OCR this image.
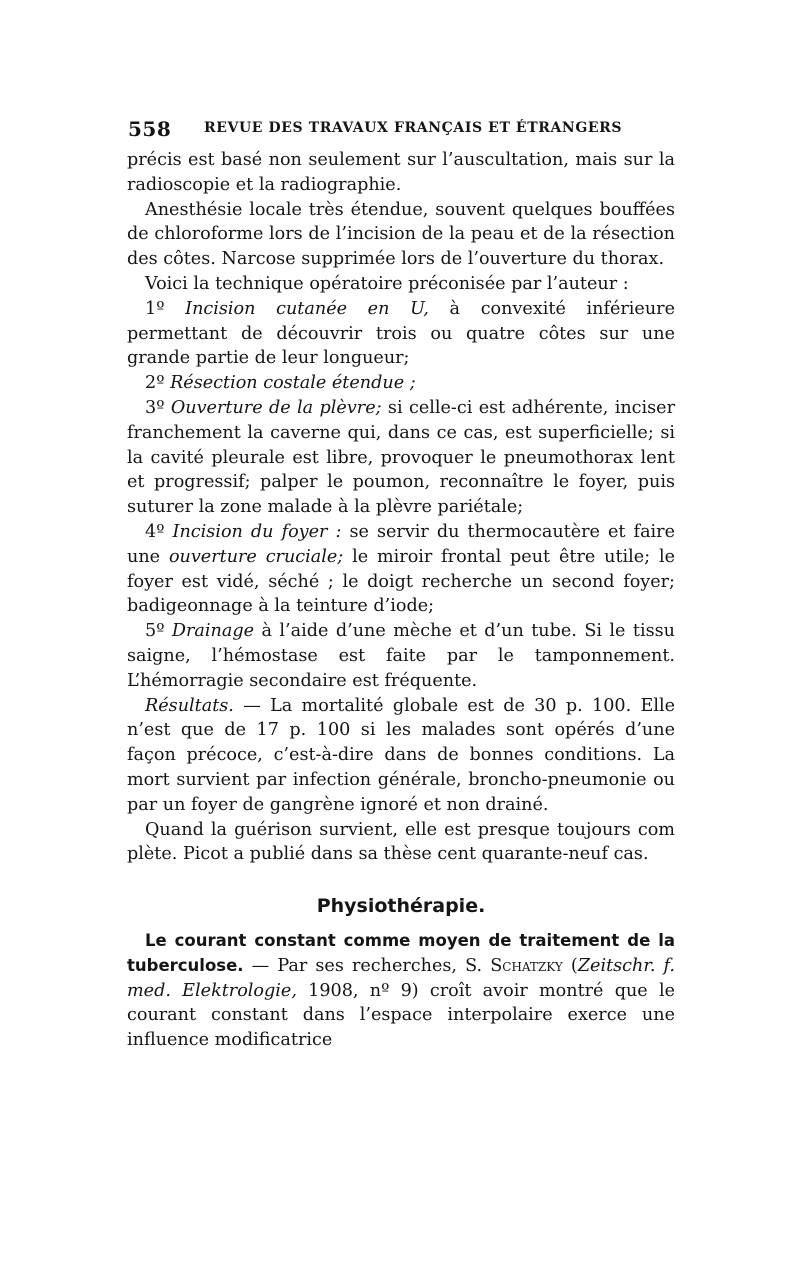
558 REVUE DES TRAVAUX FRANÇAIS ET ÉTRANGERS

précis est basé non seulement sur l’auscultation, mais sur la radioscopie et la radiographie.

Anesthésie locale très étendue, souvent quelques bouffées de chloroforme lors de l’incision de la peau et de la résection des côtes. Narcose supprimée lors de l’ouverture du thorax.

Voici la technique opératoire préconisée par l’auteur :

1º Incision cutanée en U, à convexité inférieure permettant de découvrir trois ou quatre côtes sur une grande partie de leur longueur;

2º Résection costale étendue ;

3º Ouverture de la plèvre; si celle-ci est adhérente, inciser franchement la caverne qui, dans ce cas, est superficielle; si la cavité pleurale est libre, provoquer le pneumothorax lent et progressif; palper le poumon, reconnaître le foyer, puis suturer la zone malade à la plèvre pariétale;

4º Incision du foyer : se servir du thermocautère et faire une ouverture cruciale; le miroir frontal peut être utile; le foyer est vidé, séché ; le doigt recherche un second foyer; badigeonnage à la teinture d’iode;

5º Drainage à l’aide d’une mèche et d’un tube. Si le tissu saigne, l’hémostase est faite par le tamponnement. L’hémorragie secondaire est fréquente.

Résultats. — La mortalité globale est de 30 p. 100. Elle n’est que de 17 p. 100 si les malades sont opérés d’une façon précoce, c’est-à-dire dans de bonnes conditions. La mort survient par infection générale, broncho-pneumonie ou par un foyer de gangrène ignoré et non drainé.

Quand la guérison survient, elle est presque toujours com plète. Picot a publié dans sa thèse cent quarante-neuf cas.

Physiothérapie.

Le courant constant comme moyen de traitement de la tuberculose. — Par ses recherches, S. Schatzky (Zeitschr. f. med. Elektrologie, 1908, nº 9) croît avoir montré que le courant constant dans l’espace interpolaire exerce une influence modificatrice
